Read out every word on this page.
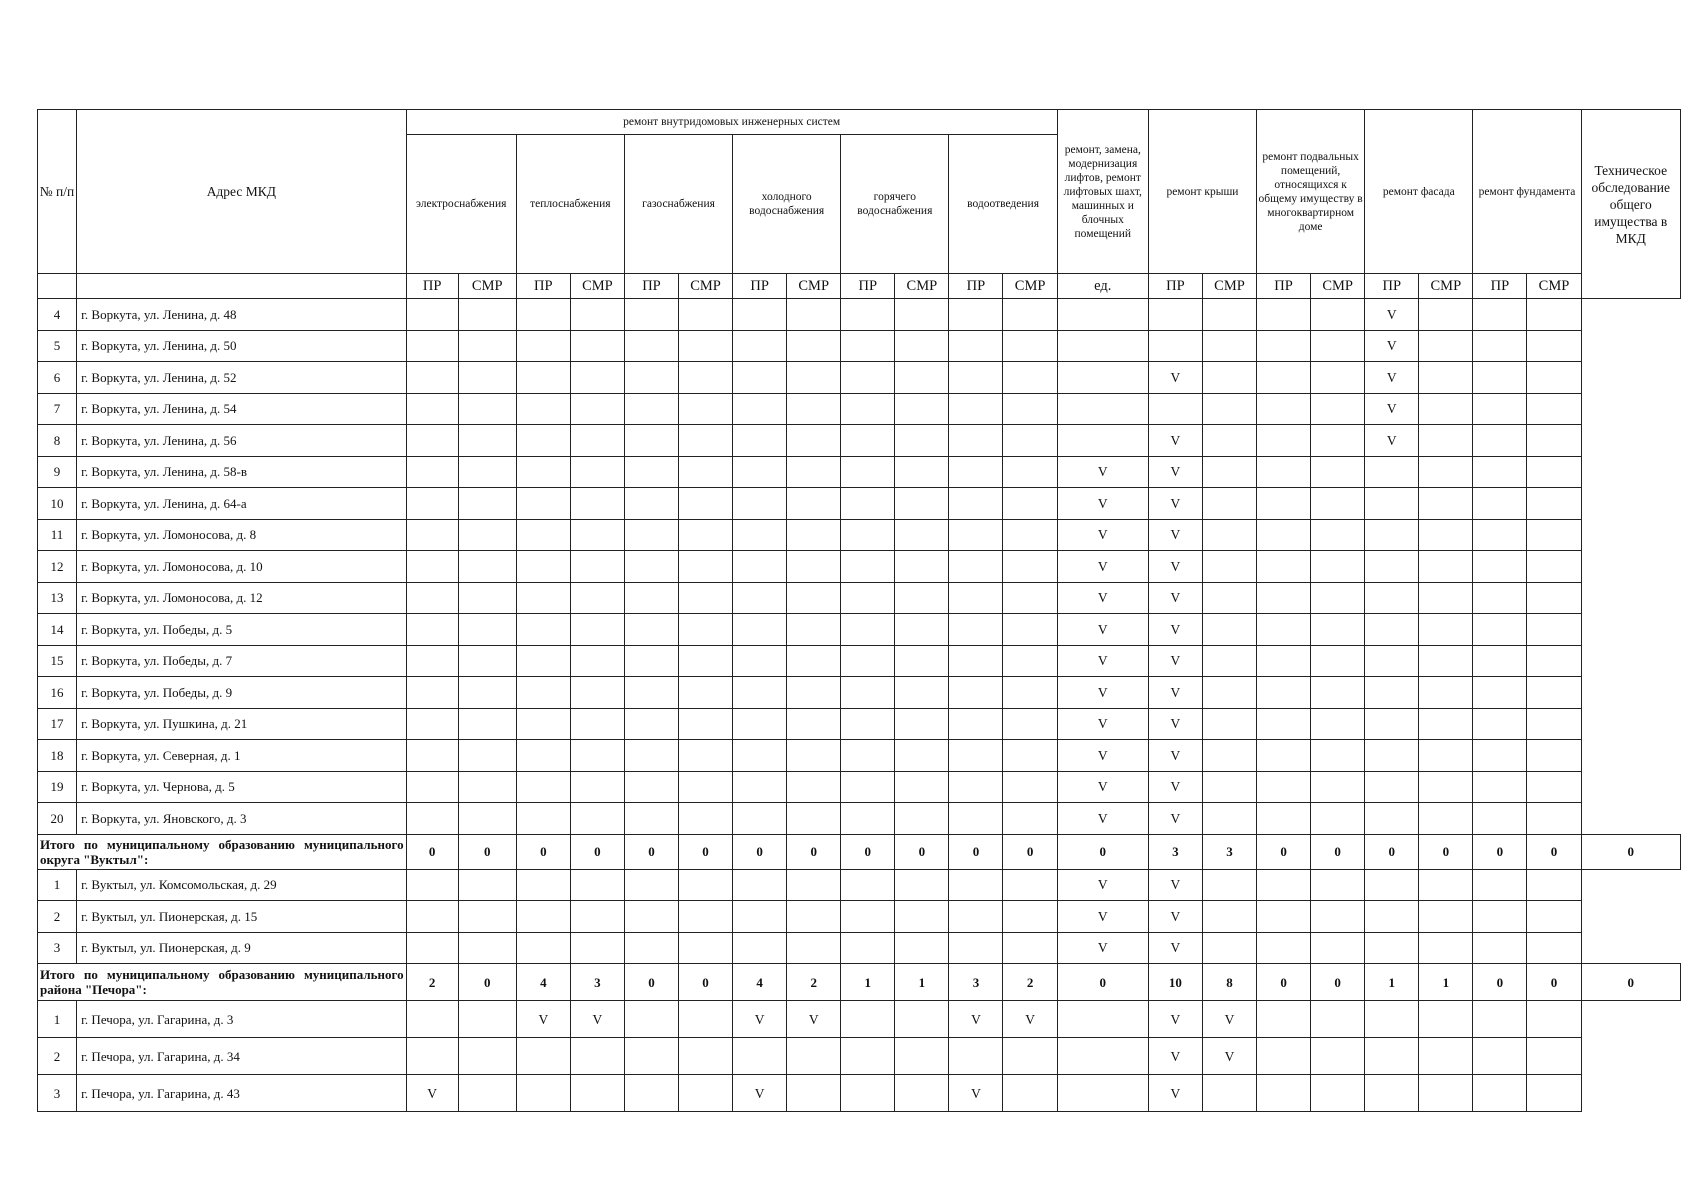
№ п/п	Адрес МКД	ремонт внутридомовых инженерных систем												ремонт, замена, модернизация лифтов, ремонт лифтовых шахт, машинных и блочных помещений	ремонт крыши		ремонт подвальных помещений, относящихся к общему имуществу в многоквартирном доме		ремонт фасада		ремонт фундамента		Техническое обследование общего имущества в МКД
		электроснабжения		теплоснабжения		газоснабжения		холодного водоснабжения		горячего водоснабжения		водоотведения											
		ПР	СМР	ПР	СМР	ПР	СМР	ПР	СМР	ПР	СМР	ПР	СМР	ед.	ПР	СМР	ПР	СМР	ПР	СМР	ПР	СМР	
4	г. Воркута, ул. Ленина, д. 48																		V				
5	г. Воркута, ул. Ленина, д. 50																		V				
6	г. Воркута, ул. Ленина, д. 52														V				V				
7	г. Воркута, ул. Ленина, д. 54																		V				
8	г. Воркута, ул. Ленина, д. 56														V				V				
9	г. Воркута, ул. Ленина, д. 58-в													V	V								
10	г. Воркута, ул. Ленина, д. 64-а													V	V								
11	г. Воркута, ул. Ломоносова, д. 8													V	V								
12	г. Воркута, ул. Ломоносова, д. 10													V	V								
13	г. Воркута, ул. Ломоносова, д. 12													V	V								
14	г. Воркута, ул. Победы, д. 5													V	V								
15	г. Воркута, ул. Победы, д. 7													V	V								
16	г. Воркута, ул. Победы, д. 9													V	V								
17	г. Воркута, ул. Пушкина, д. 21													V	V								
18	г. Воркута, ул. Северная, д. 1													V	V								
19	г. Воркута, ул. Чернова, д. 5													V	V								
20	г. Воркута, ул. Яновского, д. 3													V	V								
Итого по муниципальному образованию муниципального округа "Вуктыл":		0	0	0	0	0	0	0	0	0	0	0	0	0	3	3	0	0	0	0	0	0	0
1	г. Вуктыл, ул. Комсомольская, д. 29													V	V								
2	г. Вуктыл, ул. Пионерская, д. 15													V	V								
3	г. Вуктыл, ул. Пионерская, д. 9													V	V								
Итого по муниципальному образованию муниципального района "Печора":		2	0	4	3	0	0	4	2	1	1	3	2	0	10	8	0	0	1	1	0	0	0
1	г. Печора, ул. Гагарина, д. 3			V	V			V	V			V	V		V	V							
2	г. Печора, ул. Гагарина, д. 34														V	V							
3	г. Печора, ул. Гагарина, д. 43	V						V				V			V								
